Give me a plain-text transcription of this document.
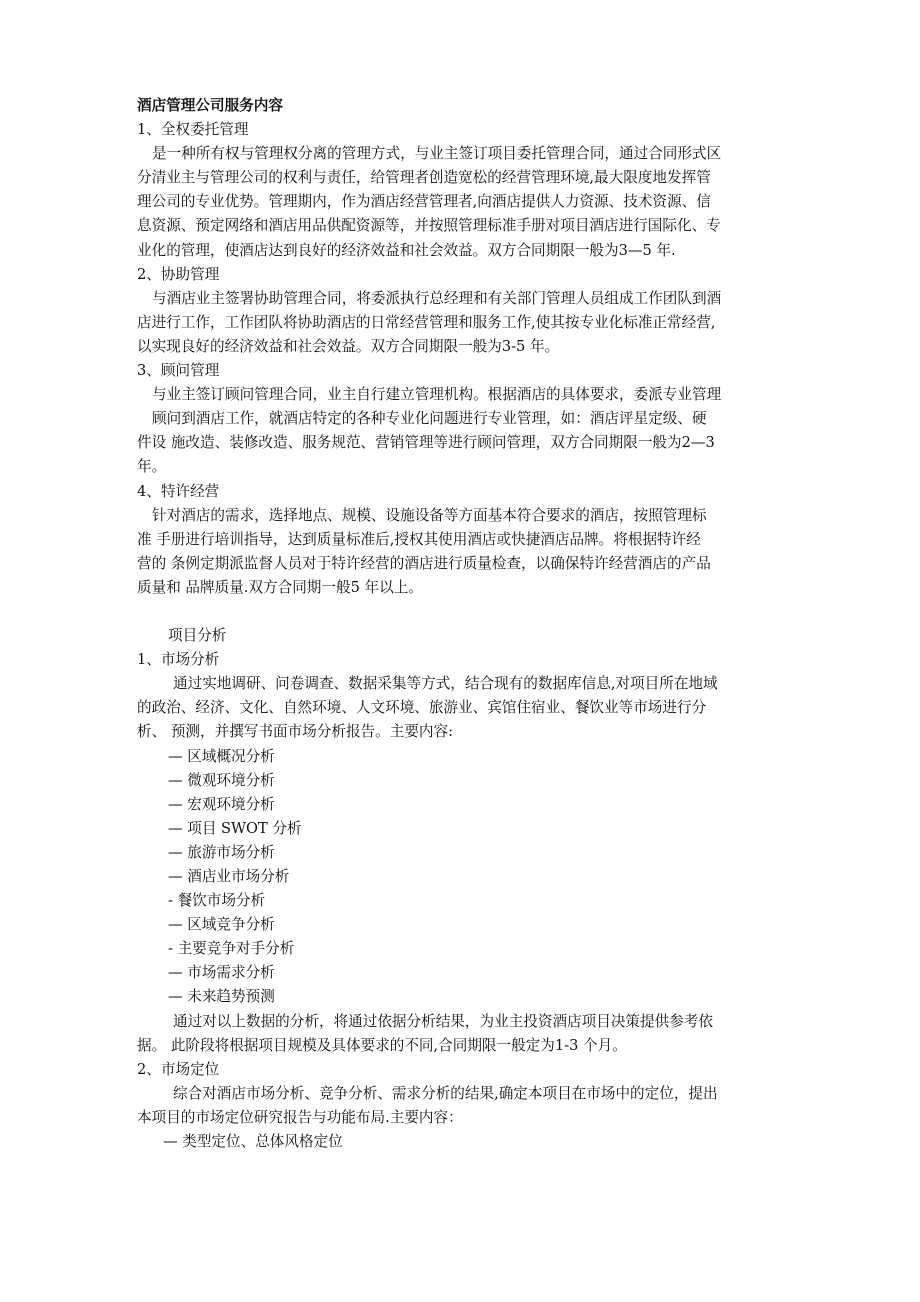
酒店管理公司服务内容
1、全权委托管理
是一种所有权与管理权分离的管理方式，与业主签订项目委托管理合同，通过合同形式区
分清业主与管理公司的权利与责任，给管理者创造宽松的经营管理环境,最大限度地发挥管
理公司的专业优势。管理期内，作为酒店经营管理者,向酒店提供人力资源、技术资源、信
息资源、预定网络和酒店用品供配资源等，并按照管理标准手册对项目酒店进行国际化、专
业化的管理，使酒店达到良好的经济效益和社会效益。双方合同期限一般为3—5 年.
2、协助管理
与酒店业主签署协助管理合同，将委派执行总经理和有关部门管理人员组成工作团队到酒
店进行工作，工作团队将协助酒店的日常经营管理和服务工作,使其按专业化标准正常经营,
以实现良好的经济效益和社会效益。双方合同期限一般为3-5 年。
3、顾问管理
与业主签订顾问管理合同，业主自行建立管理机构。根据酒店的具体要求，委派专业管理
顾问到酒店工作，就酒店特定的各种专业化问题进行专业管理，如：酒店评星定级、硬
件设 施改造、装修改造、服务规范、营销管理等进行顾问管理，双方合同期限一般为2—3
年。
4、特许经营
针对酒店的需求，选择地点、规模、设施设备等方面基本符合要求的酒店，按照管理标
准 手册进行培训指导，达到质量标准后,授权其使用酒店或快捷酒店品牌。将根据特许经
营的 条例定期派监督人员对于特许经营的酒店进行质量检查，以确保特许经营酒店的产品
质量和 品牌质量.双方合同期一般5 年以上。
项目分析
1、市场分析
通过实地调研、问卷调查、数据采集等方式，结合现有的数据库信息,对项目所在地域
的政治、经济、文化、自然环境、人文环境、旅游业、宾馆住宿业、餐饮业等市场进行分
析、 预测，并撰写书面市场分析报告。主要内容:
— 区域概况分析
— 微观环境分析
— 宏观环境分析
— 项目 SWOT 分析
— 旅游市场分析
— 酒店业市场分析
- 餐饮市场分析
— 区域竞争分析
- 主要竞争对手分析
— 市场需求分析
— 未来趋势预测
通过对以上数据的分析，将通过依据分析结果，为业主投资酒店项目决策提供参考依
据。 此阶段将根据项目规模及具体要求的不同,合同期限一般定为1-3 个月。
2、市场定位
综合对酒店市场分析、竞争分析、需求分析的结果,确定本项目在市场中的定位，提出
本项目的市场定位研究报告与功能布局.主要内容：
— 类型定位、总体风格定位
